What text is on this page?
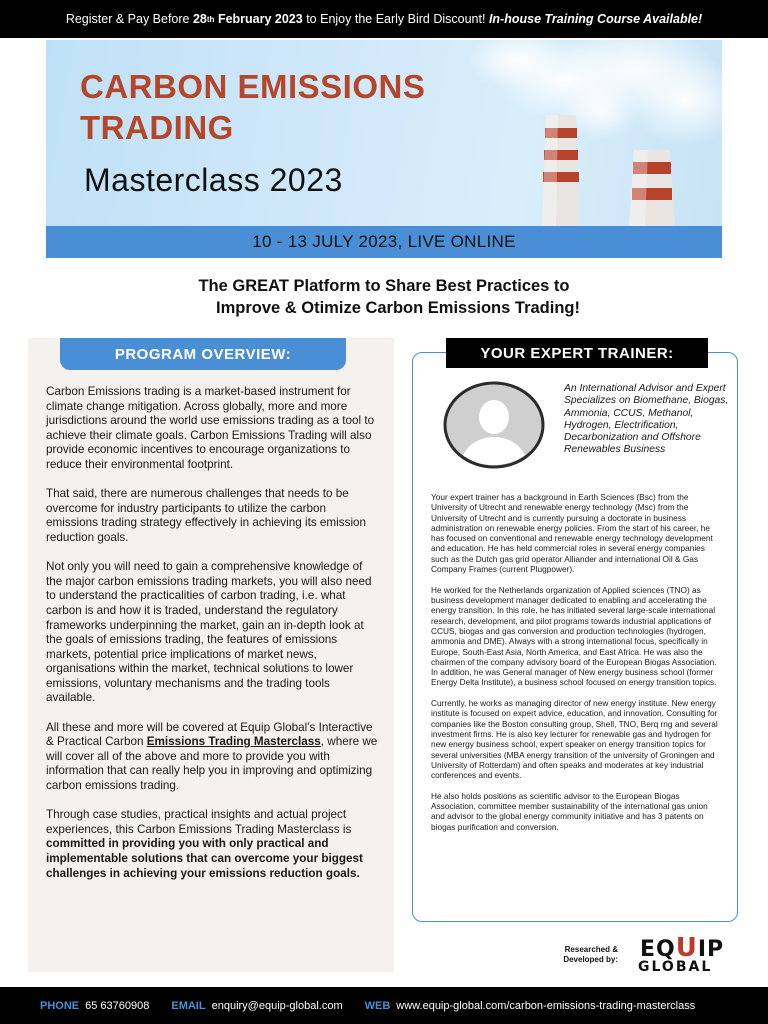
Register & Pay Before
28 th
February 2023
to Enjoy the Early Bird Discount!
In-house Training Course Available!
CARBON EMISSIONS
TRADING
Masterclass 2023
10 - 13 JULY 2023, LIVE ONLINE
The GREAT Platform to Share Best Practices to
Improve & Otimize Carbon Emissions Trading!
PROGRAM OVERVIEW:

Carbon Emissions trading is a market-based instrument for climate change mitigation. Across globally, more and more jurisdictions around the world use emissions trading as a tool to achieve their climate goals. Carbon Emissions Trading will also provide economic incentives to encourage organizations to reduce their environmental footprint.

That said, there are numerous challenges that needs to be overcome for industry participants to utilize the carbon emissions trading strategy effectively in achieving its emission reduction goals.

Not only you will need to gain a comprehensive knowledge of the major carbon emissions trading markets, you will also need to understand the practicalities of carbon trading, i.e. what carbon is and how it is traded, understand the regulatory frameworks underpinning the market, gain an in-depth look at the goals of emissions trading, the features of emissions markets, potential price implications of market news, organisations within the market, technical solutions to lower emissions, voluntary mechanisms and the trading tools available.

All these and more will be covered at Equip Global’s Interactive & Practical Carbon Emissions Trading Masterclass, where we will cover all of the above and more to provide you with information that can really help you in improving and optimizing carbon emissions trading.

Through case studies, practical insights and actual project experiences, this Carbon Emissions Trading Masterclass is committed in providing you with only practical and implementable solutions that can overcome your biggest challenges in achieving your emissions reduction goals.

YOUR EXPERT TRAINER:
An International Advisor and Expert Specializes on Biomethane, Biogas, Ammonia, CCUS, Methanol, Hydrogen, Electrification, Decarbonization and Offshore Renewables Business

Your expert trainer has a background in Earth Sciences (Bsc) from the University of Utrecht and renewable energy technology (Msc) from the University of Utrecht and is currently pursuing a doctorate in business administration on renewable energy policies. From the start of his career, he has focused on conventional and renewable energy technology development and education. He has held commercial roles in several energy companies such as the Dutch gas grid operator Alliander and international Oil & Gas Company Frames (current Plugpower).

He worked for the Netherlands organization of Applied sciences (TNO) as business development manager dedicated to enabling and accelerating the energy transition. In this role, he has initiated several large-scale international research, development, and pilot programs towards industrial applications of CCUS, biogas and gas conversion and production technologies (hydrogen, ammonia and DME). Always with a strong international focus, specifically in Europe, South-East Asia, North America, and East Africa. He was also the chairmen of the company advisory board of the European Biogas Association. In addition, he was General manager of New energy business school (former Energy Delta Institute), a business school focused on energy transition topics.

Currently, he works as managing director of new energy institute. New energy institute is focused on expert advice, education, and innovation. Consulting for companies like the Boston consulting group, Shell, TNO, Berq rng and several investment firms. He is also key lecturer for renewable gas and hydrogen for new energy business school, expert speaker on energy transition topics for several universities (MBA energy transition of the university of Groningen and University of Rotterdam) and often speaks and moderates at key industrial conferences and events.

He also holds positions as scientific advisor to the European Biogas Association, committee member sustainability of the international gas union and advisor to the global energy community initiative and has 3 patents on biogas purification and conversion.

Researched & Developed by: EQUIP
GLOBAL
PHONE 65 63760908 EMAIL enquiry@equip-global.com WEB www.equip-global.com/carbon-emissions-trading-masterclass
